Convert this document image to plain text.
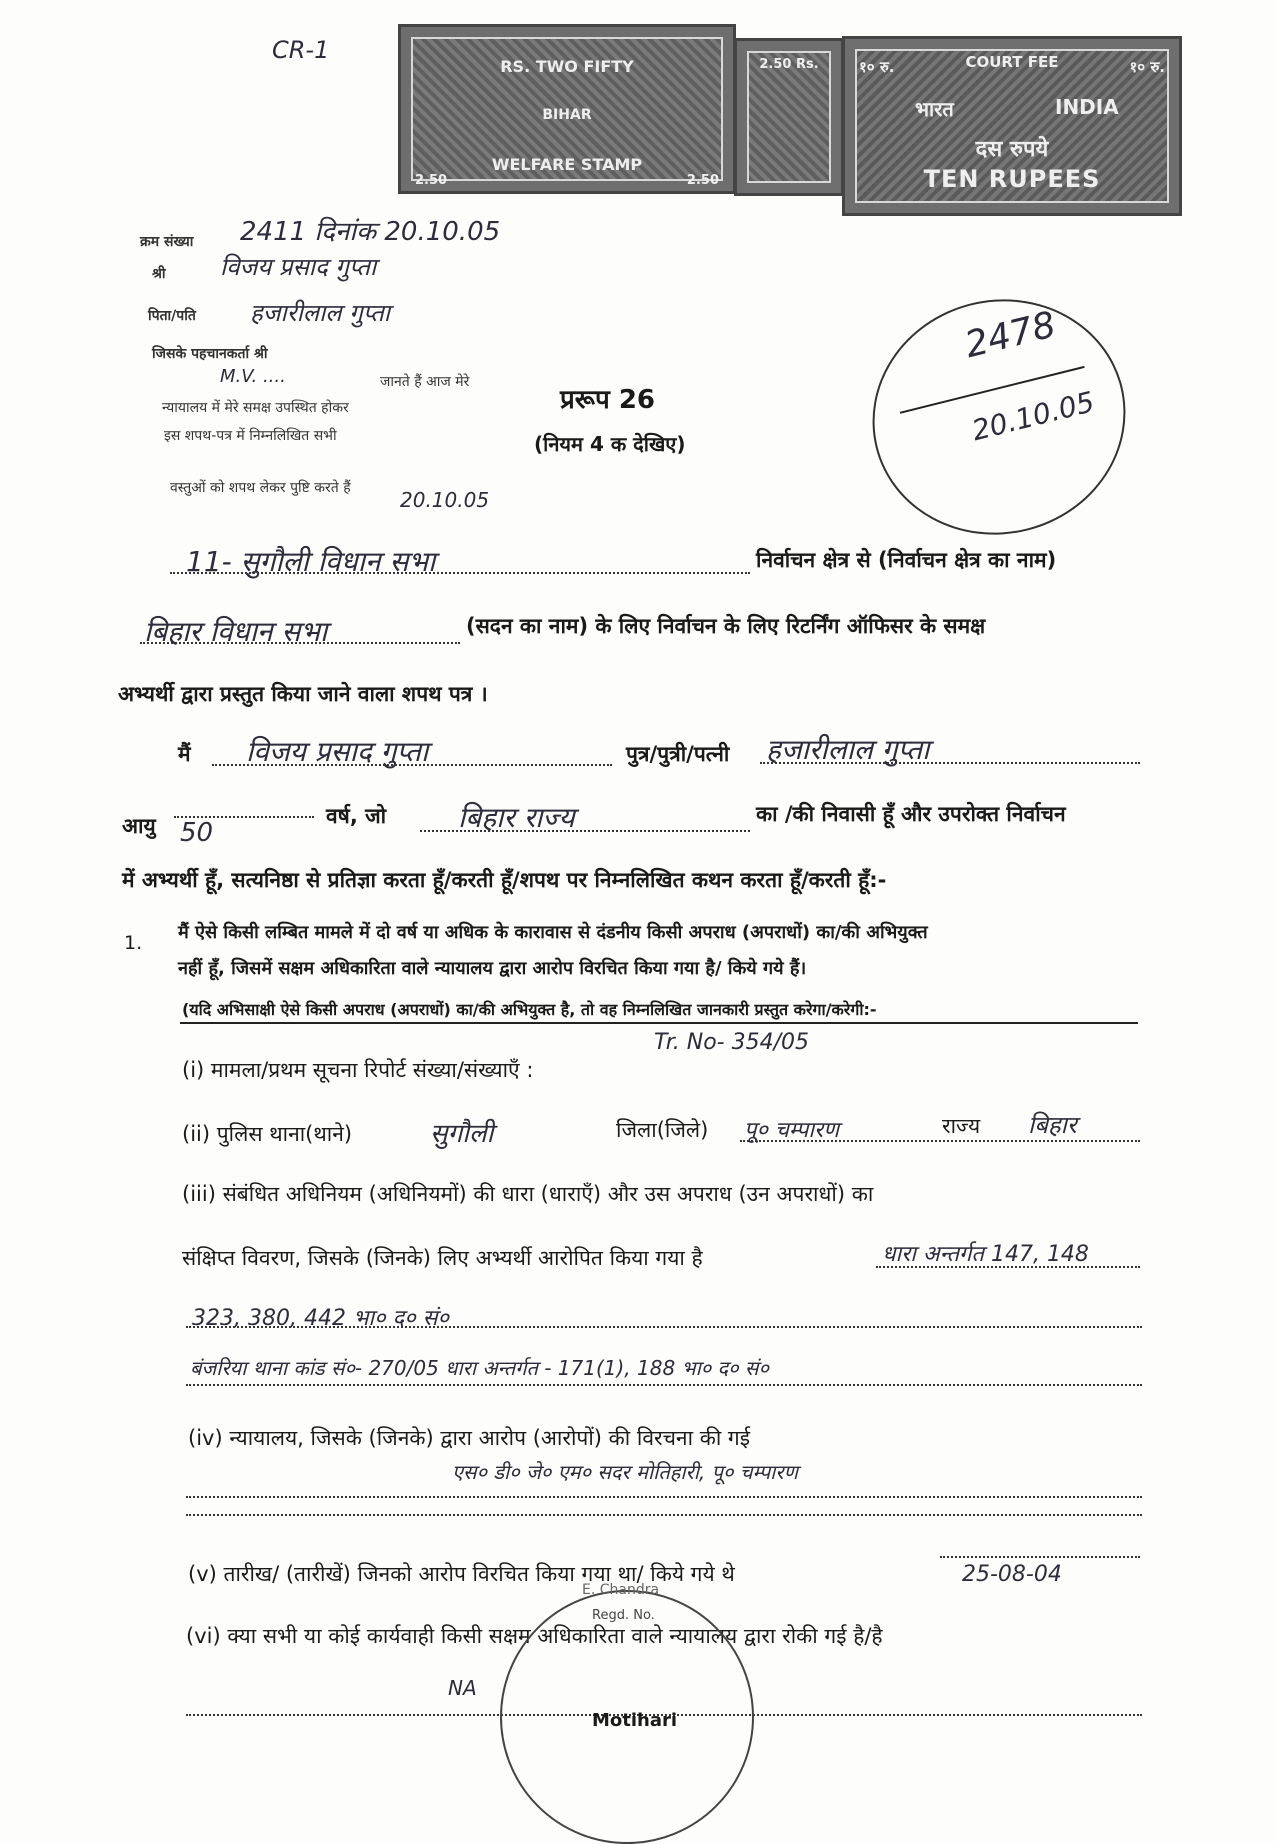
CR-1
RS. TWO FIFTY
BIHAR
WELFARE STAMP
2.50	2.50
2.50 Rs.	१० रु.	COURT FEE	१० रु.
भारत	INDIA
दस रुपये
TEN RUPEES
क्रम संख्या 2411 दिनांक 20.10.05
श्री विजय प्रसाद गुप्ता
पिता/पति हजारीलाल गुप्ता
जिसके पहचानकर्ता श्री
M.V. ....	जानते हैं आज मेरे
न्यायालय में मेरे समक्ष उपस्थित होकर
इस शपथ-पत्र में निम्नलिखित सभी
वस्तुओं को शपथ लेकर पुष्टि करते हैं 20.10.05
2478
20.10.05
प्ररूप 26
(नियम 4 क देखिए)
11- सुगौली विधान सभा	निर्वाचन क्षेत्र से (निर्वाचन क्षेत्र का नाम)
बिहार विधान सभा	(सदन का नाम) के लिए निर्वाचन के लिए रिटर्निंग ऑफिसर के समक्ष
अभ्यर्थी द्वारा प्रस्तुत किया जाने वाला शपथ पत्र ।
मैं विजय प्रसाद गुप्ता	पुत्र/पुत्री/पत्नी हजारीलाल गुप्ता
आयु 50
वर्ष, जो	बिहार राज्य	का /की निवासी हूँ और उपरोक्त निर्वाचन
में अभ्यर्थी हूँ, सत्यनिष्ठा से प्रतिज्ञा करता हूँ/करती हूँ/शपथ पर निम्नलिखित कथन करता हूँ/करती हूँ:-
1. मैं ऐसे किसी लम्बित मामले में दो वर्ष या अधिक के कारावास से दंडनीय किसी अपराध (अपराधों) का/की अभियुक्त
नहीं हूँ, जिसमें सक्षम अधिकारिता वाले न्यायालय द्वारा आरोप विरचित किया गया है/ किये गये हैं।
(यदि अभिसाक्षी ऐसे किसी अपराध (अपराधों) का/की अभियुक्त है, तो वह निम्नलिखित जानकारी प्रस्तुत करेगा/करेगी:-
(i) मामला/प्रथम सूचना रिपोर्ट संख्या/संख्याएँ :
Tr. No- 354/05
(ii) पुलिस थाना(थाने)	सुगौली	जिला(जिले) पू० चम्पारण	राज्य बिहार
(iii) संबंधित अधिनियम (अधिनियमों) की धारा (धाराएँ) और उस अपराध (उन अपराधों) का
संक्षिप्त विवरण, जिसके (जिनके) लिए अभ्यर्थी आरोपित किया गया है	धारा अन्तर्गत 147, 148
323, 380, 442 भा० द० सं०
बंजरिया थाना कांड सं०- 270/05 धारा अन्तर्गत - 171(1), 188 भा० द० सं०
(iv) न्यायालय, जिसके (जिनके) द्वारा आरोप (आरोपों) की विरचना की गई
एस० डी० जे० एम० सदर मोतिहारी, पू० चम्पारण
(v) तारीख/ (तारीखें) जिनको आरोप विरचित किया गया था/ किये गये थे	25-08-04
(vi) क्या सभी या कोई कार्यवाही किसी सक्षम अधिकारिता वाले न्यायालय द्वारा रोकी गई है/है
NA
Regd. No.
E. Chandra
Motihari
